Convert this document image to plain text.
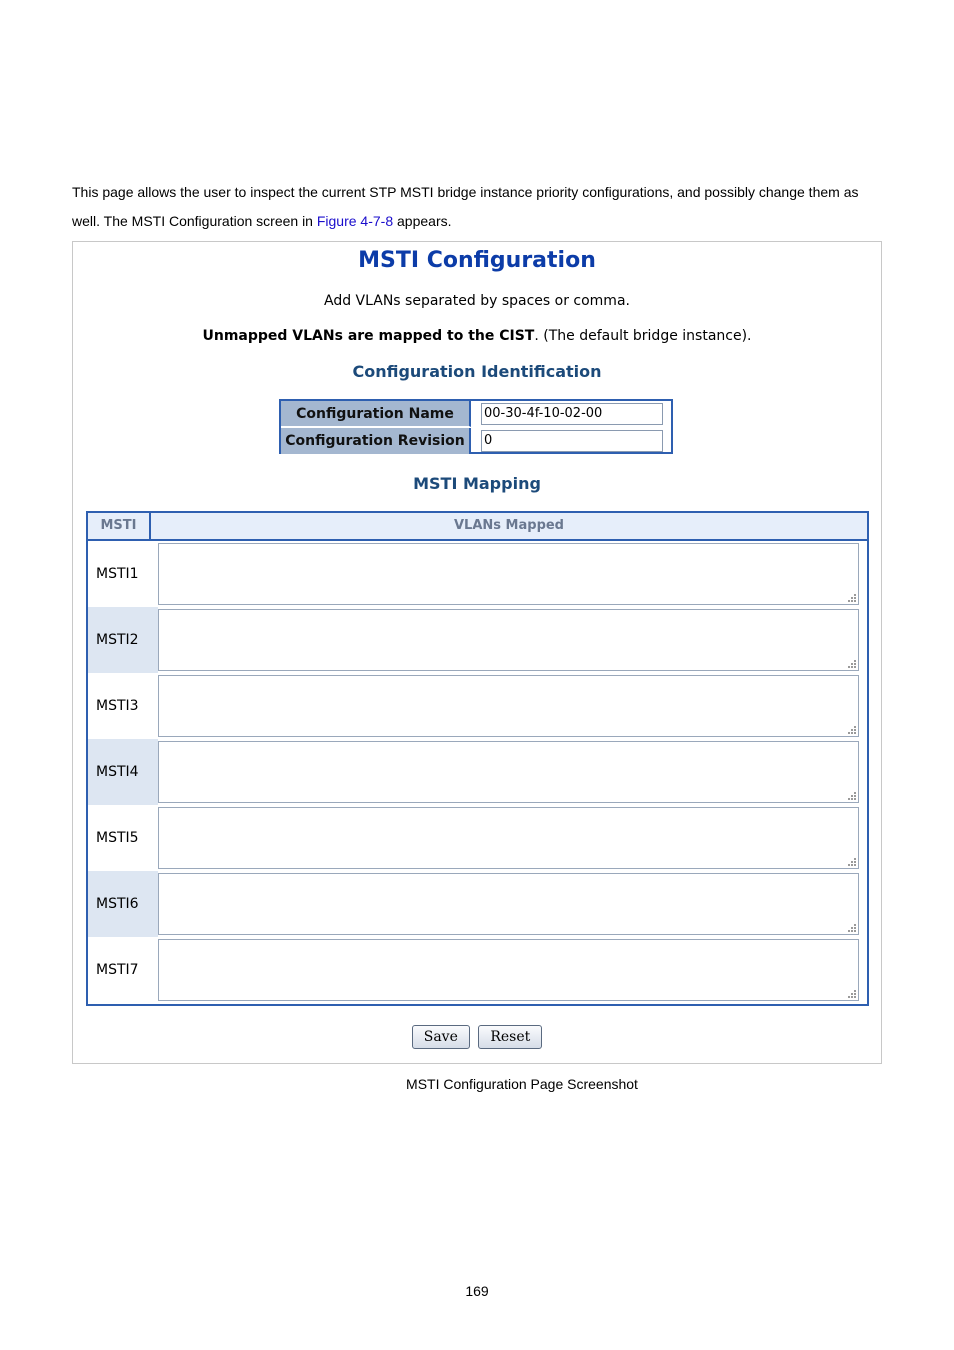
This page allows the user to inspect the current STP MSTI bridge instance priority configurations, and possibly change them as well. The MSTI Configuration screen in Figure 4-7-8 appears.
MSTI Configuration
Add VLANs separated by spaces or comma.
Unmapped VLANs are mapped to the CIST. (The default bridge instance).
Configuration Identification
Configuration Name	00-30-4f-10-02-00
Configuration Revision	0
MSTI Mapping
MSTI	VLANs Mapped
MSTI1
MSTI2
MSTI3
MSTI4
MSTI5
MSTI6
MSTI7
Save Reset
MSTI Configuration Page Screenshot
169
